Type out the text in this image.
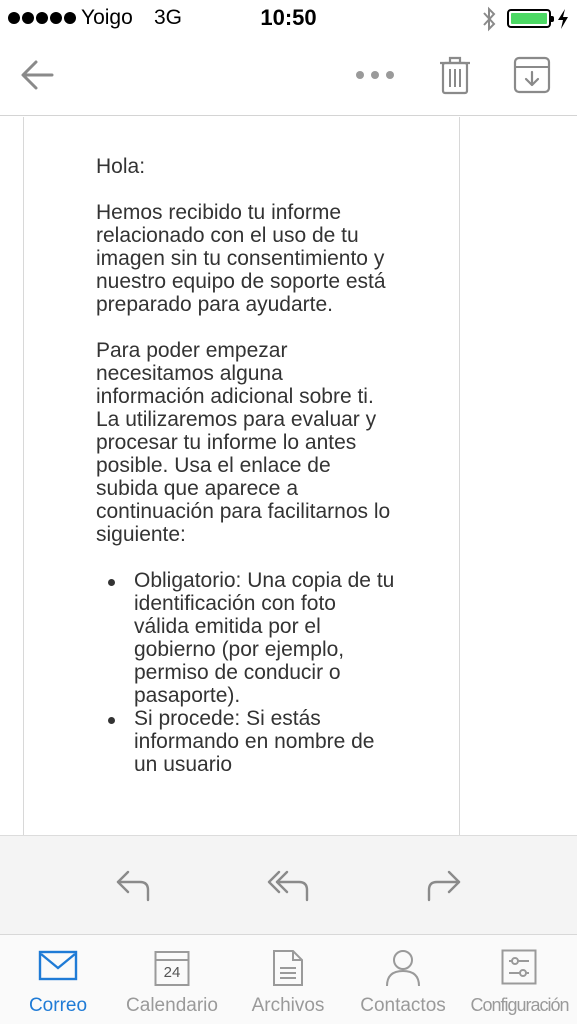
Yoigo 3G	10:50

Hola:

Hemos recibido tu informe relacionado con el uso de tu imagen sin tu consentimiento y nuestro equipo de soporte está preparado para ayudarte.

Para poder empezar necesitamos alguna información adicional sobre ti. La utilizaremos para evaluar y procesar tu informe lo antes posible. Usa el enlace de subida que aparece a continuación para facilitarnos lo siguiente:

Obligatorio: Una copia de tu identificación con foto válida emitida por el gobierno (por ejemplo, permiso de conducir o pasaporte).
Si procede: Si estás informando en nombre de un usuario
Correo
24
Calendario	Archivos	Contactos	Configuración
